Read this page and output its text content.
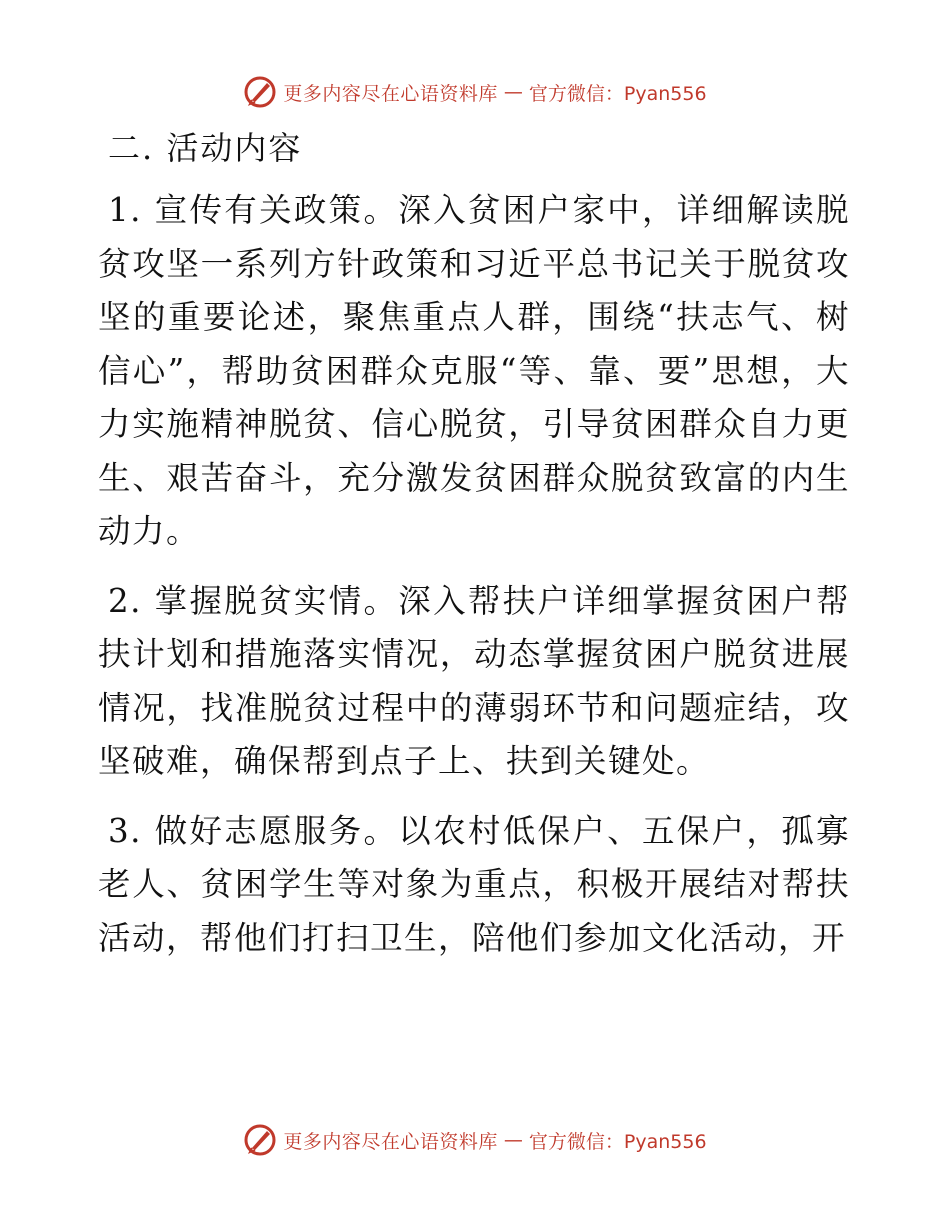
更多内容尽在心语资料库 — 官方微信：Pyan556
二. 活动内容

1. 宣传有关政策。深入贫困户家中，详细解读脱贫攻坚一系列方针政策和习近平总书记关于脱贫攻坚的重要论述，聚焦重点人群，围绕“扶志气、树信心”，帮助贫困群众克服“等、靠、要”思想，大力实施精神脱贫、信心脱贫，引导贫困群众自力更生、艰苦奋斗，充分激发贫困群众脱贫致富的内生动力。

2. 掌握脱贫实情。深入帮扶户详细掌握贫困户帮扶计划和措施落实情况，动态掌握贫困户脱贫进展情况，找准脱贫过程中的薄弱环节和问题症结，攻坚破难，确保帮到点子上、扶到关键处。

3. 做好志愿服务。以农村低保户、五保户，孤寡老人、贫困学生等对象为重点，积极开展结对帮扶活动，帮他们打扫卫生，陪他们参加文化活动，开

更多内容尽在心语资料库 — 官方微信：Pyan556
